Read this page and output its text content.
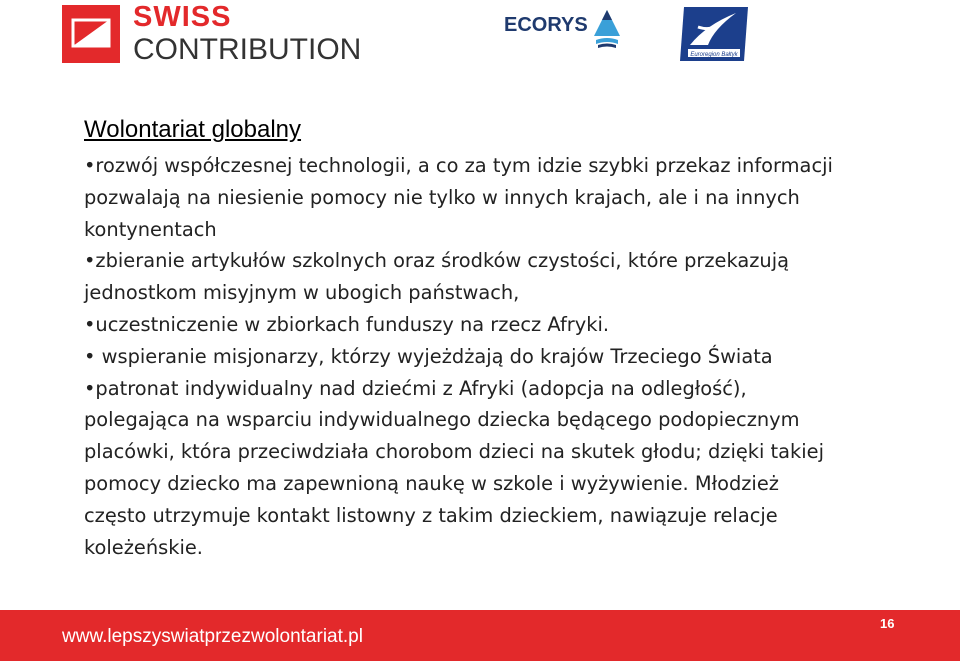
SWISS
CONTRIBUTION
ECORYS
Euroregion Bałtyk
Wolontariat globalny
•rozwój współczesnej technologii, a co za tym idzie szybki przekaz informacji
pozwalają na niesienie pomocy nie tylko w innych krajach, ale i na innych
kontynentach
•zbieranie artykułów szkolnych oraz środków czystości, które przekazują
jednostkom misyjnym w ubogich państwach,
•uczestniczenie w zbiorkach funduszy na rzecz Afryki.
• wspieranie misjonarzy, którzy wyjeżdżają do krajów Trzeciego Świata
•patronat indywidualny nad dziećmi z Afryki (adopcja na odległość),
polegająca na wsparciu indywidualnego dziecka będącego podopiecznym
placówki, która przeciwdziała chorobom dzieci na skutek głodu; dzięki takiej
pomocy dziecko ma zapewnioną naukę w szkole i wyżywienie. Młodzież
często utrzymuje kontakt listowny z takim dzieckiem, nawiązuje relacje
koleżeńskie.
www.lepszyswiatprzezwolontariat.pl
16
